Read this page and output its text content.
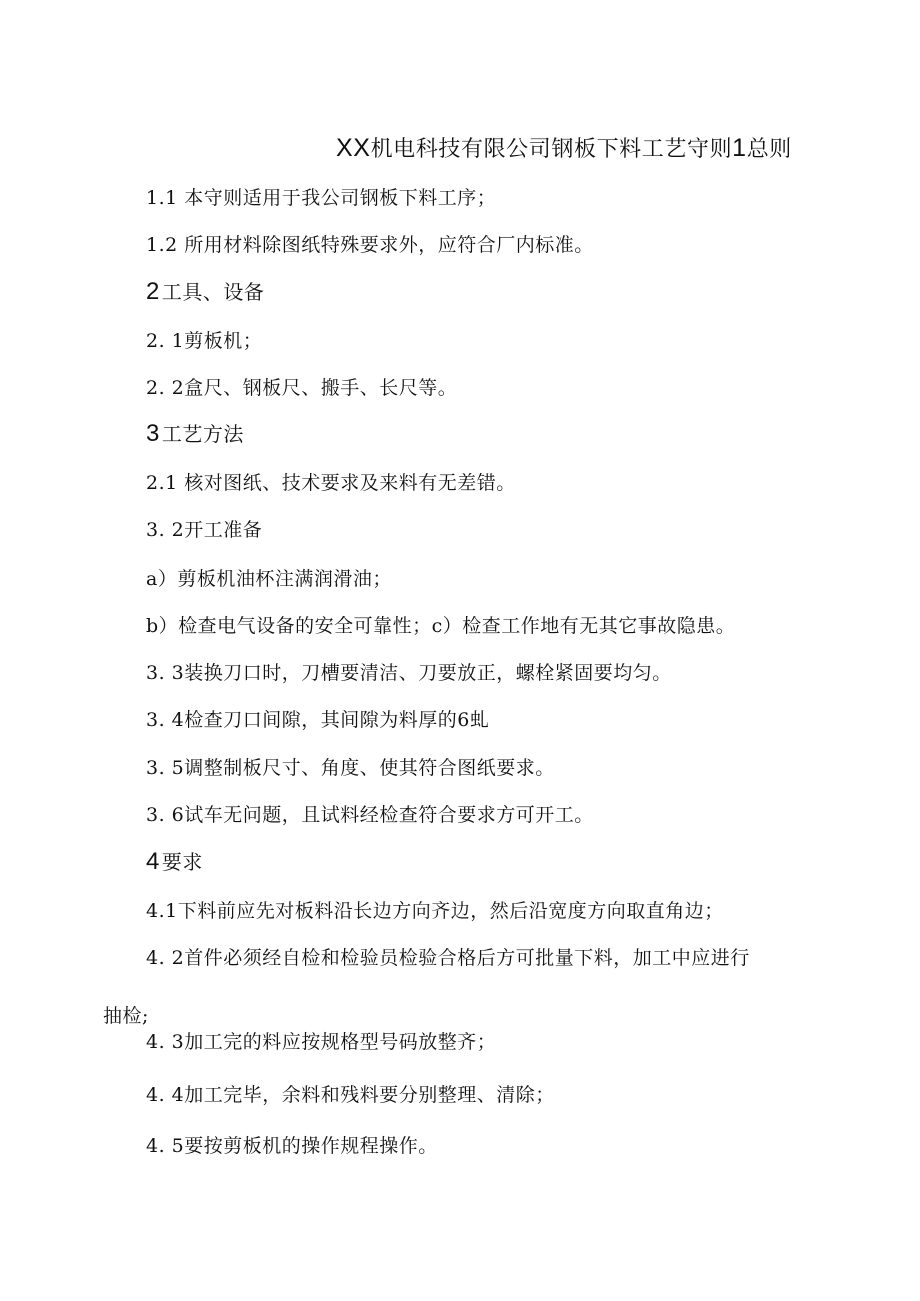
XX机电科技有限公司钢板下料工艺守则1总则
1.1 本守则适用于我公司钢板下料工序；
1.2 所用材料除图纸特殊要求外，应符合厂内标准。
2 工具、设备
2. 1剪板机；
2. 2盒尺、钢板尺、搬手、长尺等。
3 工艺方法
2.1 核对图纸、技术要求及来料有无差错。
3. 2开工准备
a）剪板机油杯注满润滑油；
b）检查电气设备的安全可靠性；c）检查工作地有无其它事故隐患。
3. 3装换刀口时，刀槽要清洁、刀要放正，螺栓紧固要均匀。
3. 4检查刀口间隙，其间隙为料厚的6虬
3. 5调整制板尺寸、角度、使其符合图纸要求。
3. 6试车无问题，且试料经检查符合要求方可开工。
4 要求
4.1下料前应先对板料沿长边方向齐边，然后沿宽度方向取直角边；
4. 2首件必须经自检和检验员检验合格后方可批量下料，加工中应进行
抽检;
4. 3加工完的料应按规格型号码放整齐；
4. 4加工完毕，余料和残料要分别整理、清除；
4. 5要按剪板机的操作规程操作。
